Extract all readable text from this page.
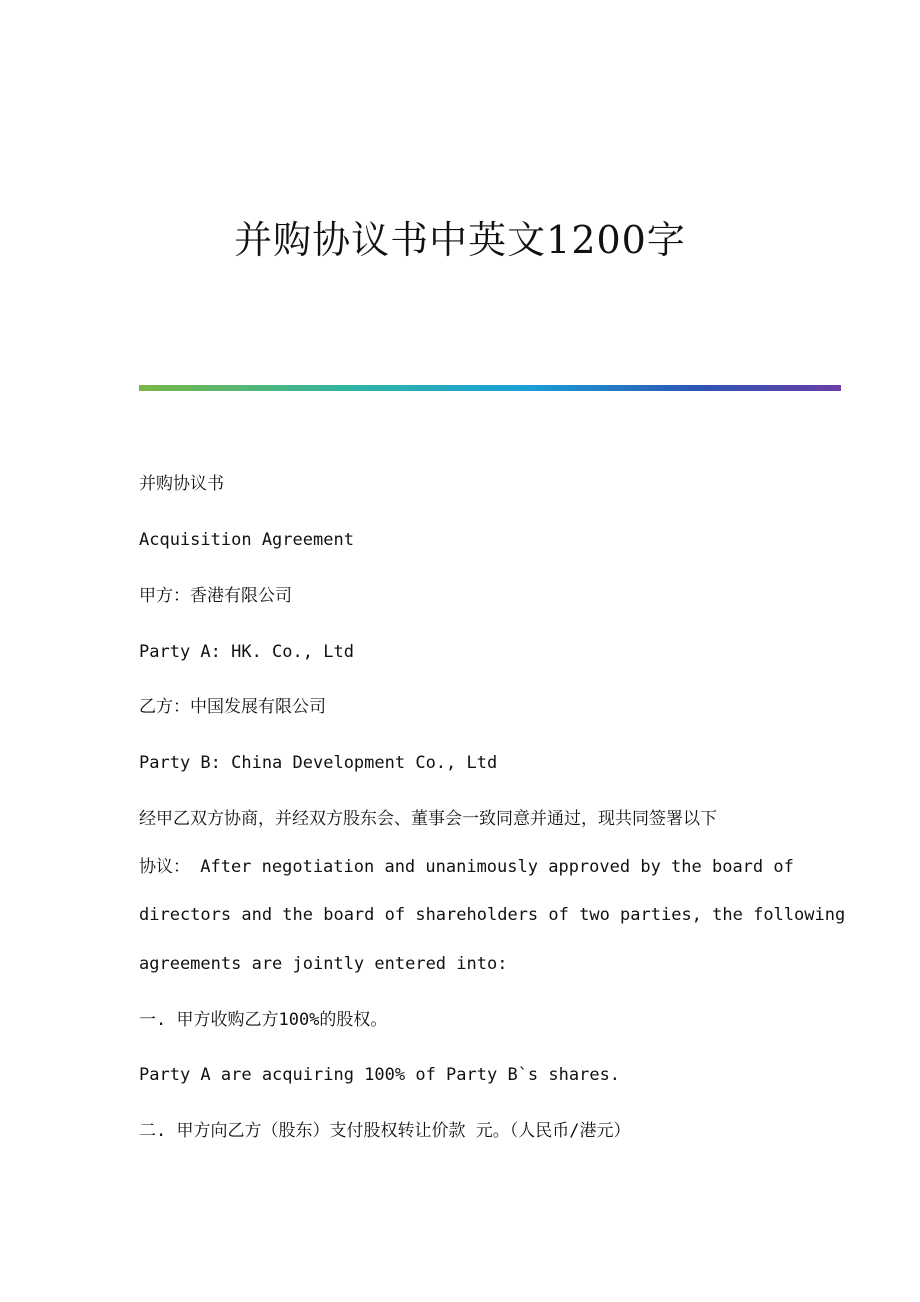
并购协议书中英文1200字
并购协议书
Acquisition Agreement
甲方：香港有限公司
Party A: HK. Co., Ltd
乙方：中国发展有限公司
Party B: China Development Co., Ltd
经甲乙双方协商，并经双方股东会、董事会一致同意并通过，现共同签署以下
协议： After negotiation and unanimously approved by the board of
directors and the board of shareholders of two parties, the following
agreements are jointly entered into:
一. 甲方收购乙方100%的股权。
Party A are acquiring 100% of Party B`s shares.
二. 甲方向乙方（股东）支付股权转让价款 元。（人民币/港元）
